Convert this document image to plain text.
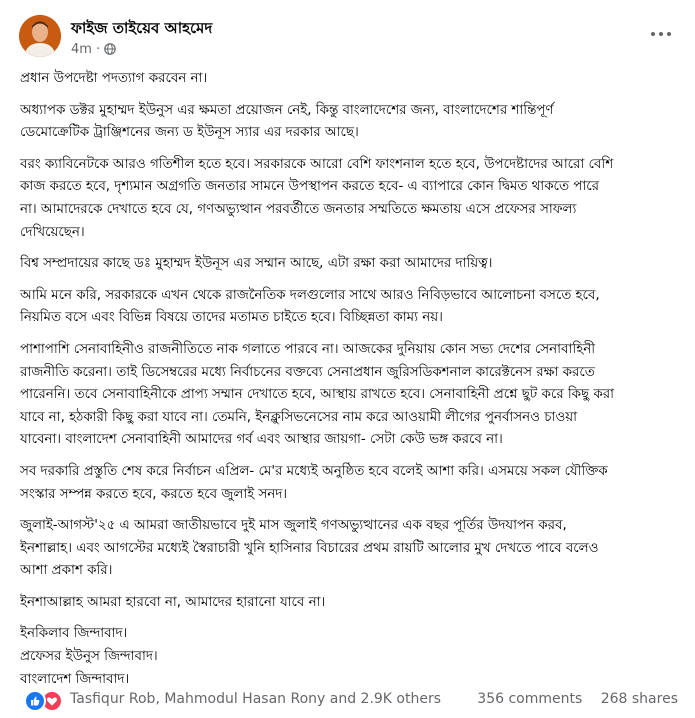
ফাইজ তাইয়েব আহমেদ
4m ·

প্রধান উপদেষ্টা পদত্যাগ করবেন না।

অধ্যাপক ডক্টর মুহাম্মদ ইউনুস এর ক্ষমতা প্রয়োজন নেই, কিন্তু বাংলাদেশের জন্য, বাংলাদেশের শান্তিপূর্ণ
ডেমোক্রেটিক ট্রাঞ্জিশনের জন্য ড ইউনূস স্যার এর দরকার আছে।

বরং ক্যাবিনেটকে আরও গতিশীল হতে হবে। সরকারকে আরো বেশি ফাংশনাল হতে হবে, উপদেষ্টাদের আরো বেশি
কাজ করতে হবে, দৃশ্যমান অগ্রগতি জনতার সামনে উপস্থাপন করতে হবে- এ ব্যাপারে কোন দ্বিমত থাকতে পারে
না। আমাদেরকে দেখাতে হবে যে, গণঅভ্যুত্থান পরবর্তীতে জনতার সম্মতিতে ক্ষমতায় এসে প্রফেসর সাফল্য
দেখিয়েছেন।

বিশ্ব সম্প্রদায়ের কাছে ডঃ মুহাম্মদ ইউনূস এর সম্মান আছে, এটা রক্ষা করা আমাদের দায়িত্ব।

আমি মনে করি, সরকারকে এখন থেকে রাজনৈতিক দলগুলোর সাথে আরও নিবিড়ভাবে আলোচনা বসতে হবে,
নিয়মিত বসে এবং বিভিন্ন বিষয়ে তাদের মতামত চাইতে হবে। বিচ্ছিন্নতা কাম্য নয়।

পাশাপাশি সেনাবাহিনীও রাজনীতিতে নাক গলাতে পারবে না। আজকের দুনিয়ায় কোন সভ্য দেশের সেনাবাহিনী
রাজনীতি করেনা। তাই ডিসেম্বরের মধ্যে নির্বাচনের বক্তব্যে সেনাপ্রধান জুরিসডিকশনাল কারেক্টনেস রক্ষা করতে
পারেননি। তবে সেনাবাহিনীকে প্রাপ্য সম্মান দেখাতে হবে, আস্থায় রাখতে হবে। সেনাবাহিনী প্রশ্নে ছুট করে কিছু করা
যাবে না, হঠকারী কিছু করা যাবে না। তেমনি, ইনক্লুসিভনেসের নাম করে আওয়ামী লীগের পুনর্বাসনও চাওয়া
যাবেনা। বাংলাদেশ সেনাবাহিনী আমাদের গর্ব এবং আস্থার জায়গা- সেটা কেউ ভঙ্গ করবে না।

সব দরকারি প্রস্তুতি শেষ করে নির্বাচন এপ্রিল- মে'র মধ্যেই অনুষ্ঠিত হবে বলেই আশা করি। এসময়ে সকল যৌক্তিক
সংস্কার সম্পন্ন করতে হবে, করতে হবে জুলাই সনদ।

জুলাই-আগস্ট'২৫ এ আমরা জাতীয়ভাবে দুই মাস জুলাই গণঅভ্যুত্থানের এক বছর পূর্তির উদযাপন করব,
ইনশাল্লাহ। এবং আগস্টের মধ্যেই স্বৈরাচারী খুনি হাসিনার বিচারের প্রথম রায়টি আলোর মুখ দেখতে পাবে বলেও
আশা প্রকাশ করি।

ইনশাআল্লাহ আমরা হারবো না, আমাদের হারানো যাবে না।

ইনকিলাব জিন্দাবাদ।
প্রফেসর ইউনুস জিন্দাবাদ।
বাংলাদেশ জিন্দাবাদ।

Tasfiqur Rob, Mahmodul Hasan Rony and 2.9K others	356 comments 268 shares
